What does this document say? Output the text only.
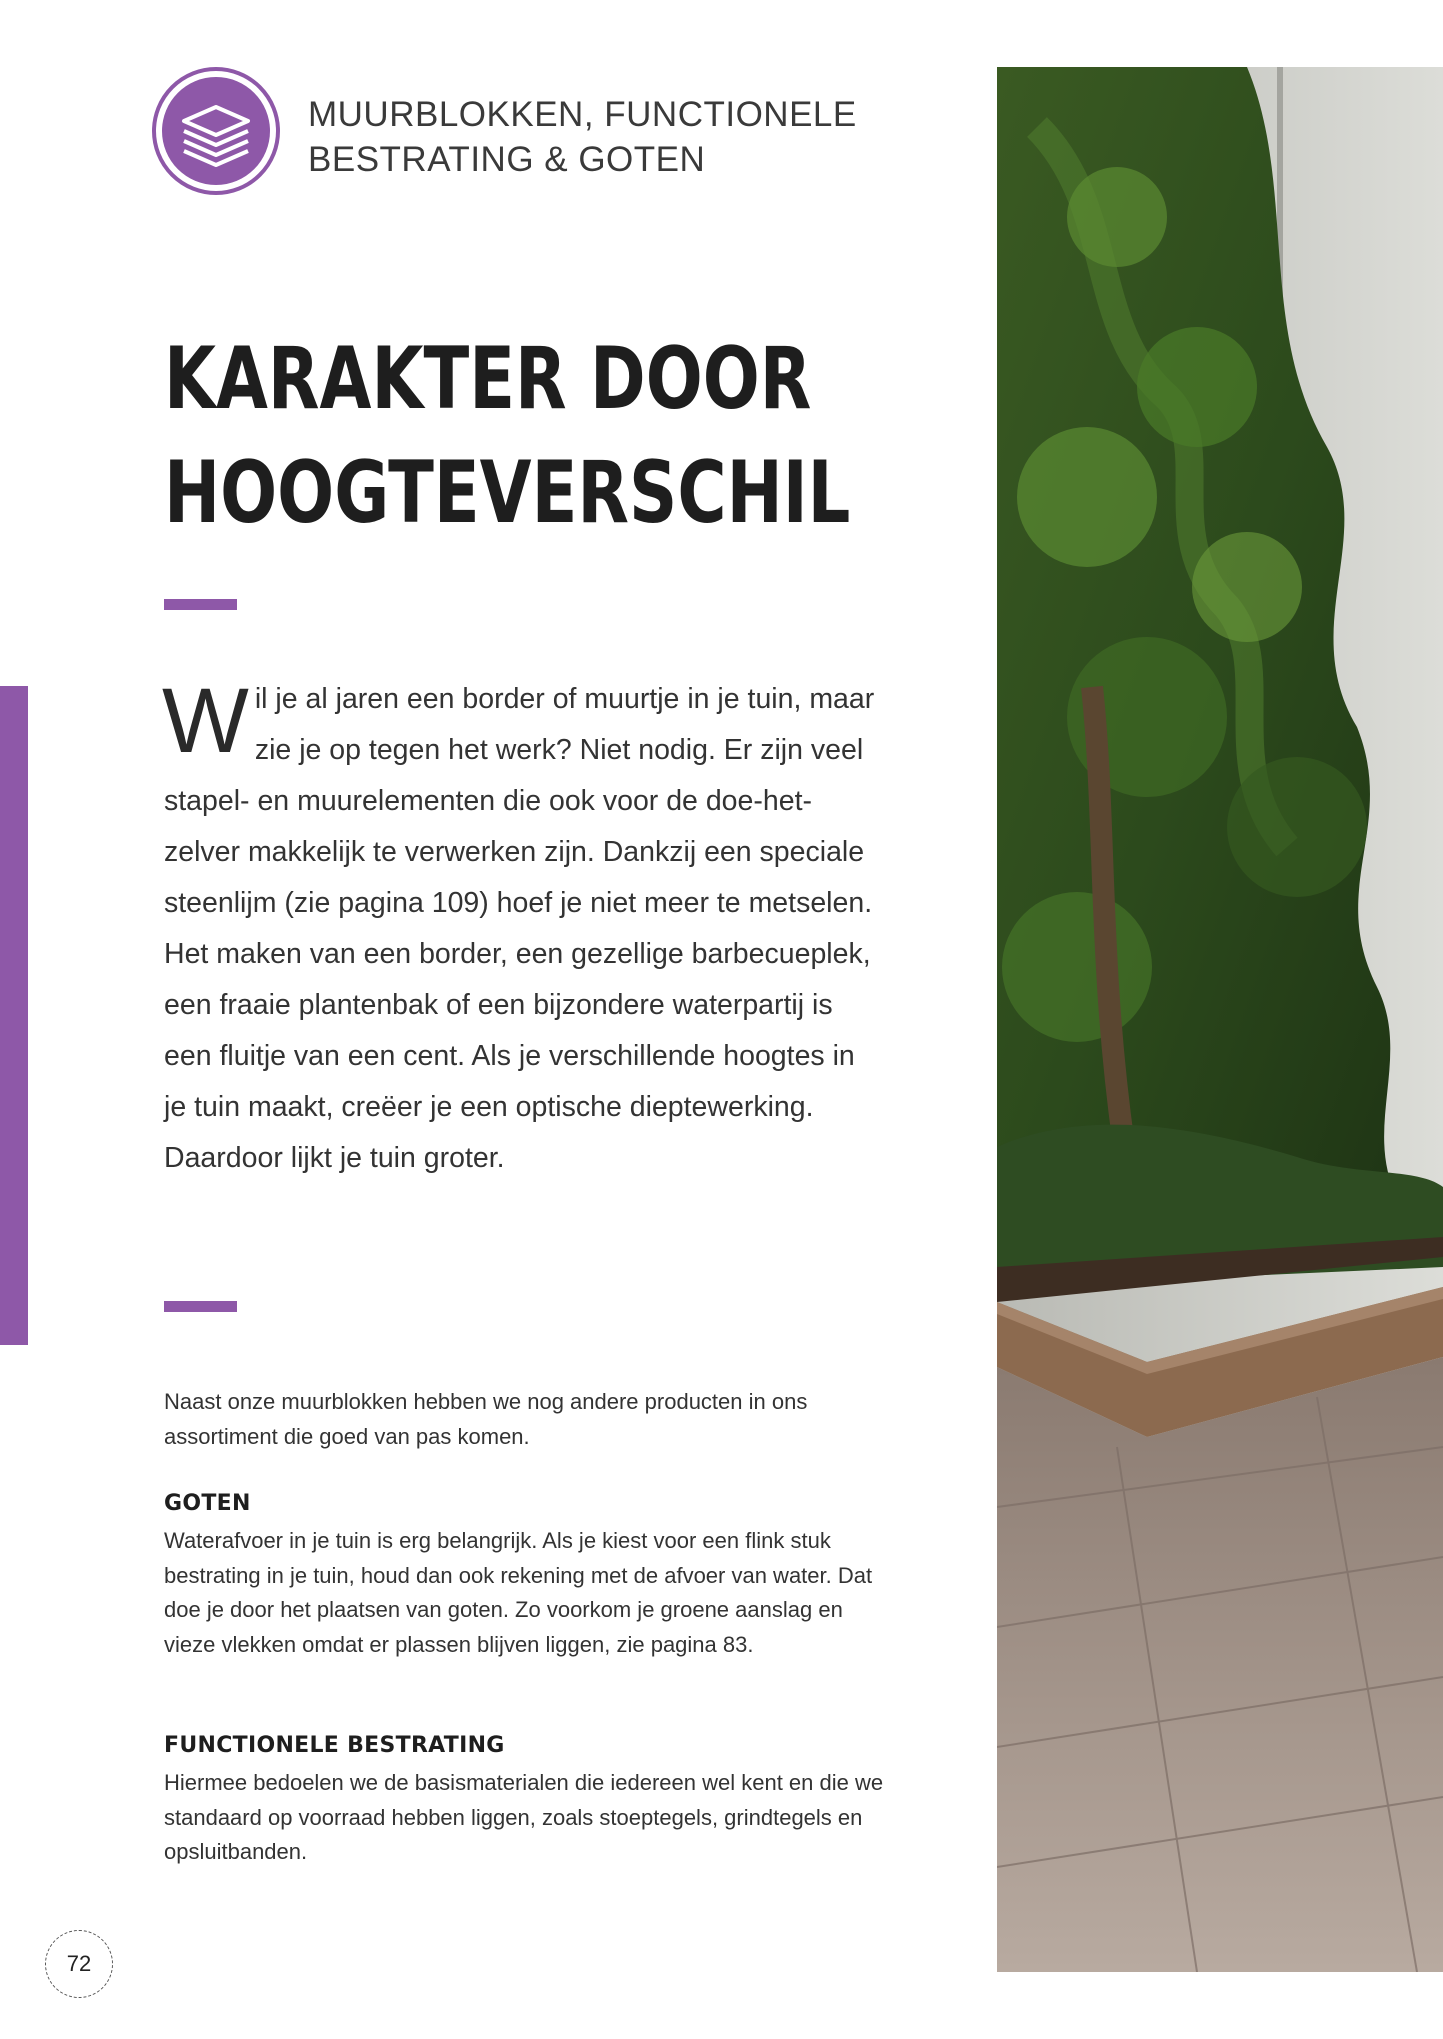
MUURBLOKKEN, FUNCTIONELE
BESTRATING & GOTEN
KARAKTER DOOR
HOOGTEVERSCHIL
W il je al jaren een border of muurtje in je tuin, maar zie je op tegen het werk? Niet nodig. Er zijn veel stapel- en muurelementen die ook voor de doe-het-zelver makkelijk te verwerken zijn. Dankzij een speciale steenlijm (zie pagina 109) hoef je niet meer te metselen. Het maken van een border, een gezellige barbecueplek, een fraaie plantenbak of een bijzondere waterpartij is een fluitje van een cent. Als je verschillende hoogtes in je tuin maakt, creëer je een optische dieptewerking. Daardoor lijkt je tuin groter.
Naast onze muurblokken hebben we nog andere producten in ons assortiment die goed van pas komen.
GOTEN
Waterafvoer in je tuin is erg belangrijk. Als je kiest voor een flink stuk bestrating in je tuin, houd dan ook rekening met de afvoer van water. Dat doe je door het plaatsen van goten. Zo voorkom je groene aanslag en vieze vlekken omdat er plassen blijven liggen, zie pagina 83.
FUNCTIONELE BESTRATING
Hiermee bedoelen we de basismaterialen die iedereen wel kent en die we standaard op voorraad hebben liggen, zoals stoeptegels, grindtegels en opsluitbanden.
72
